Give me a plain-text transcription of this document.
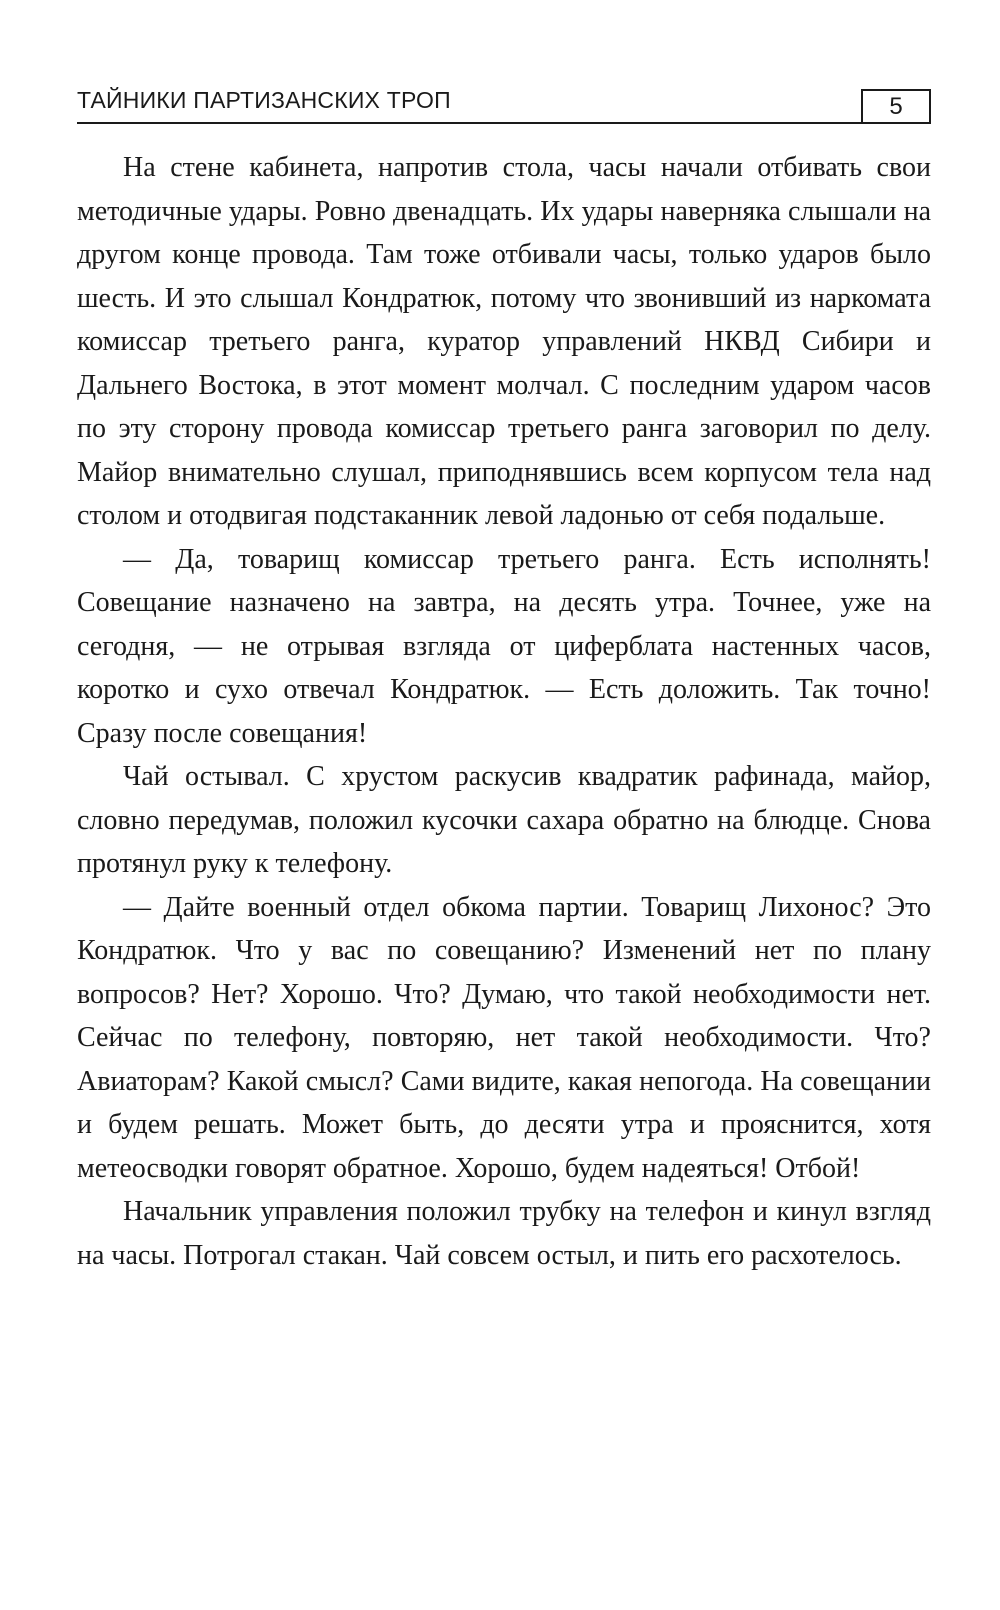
ТАЙНИКИ ПАРТИЗАНСКИХ ТРОП	5

На стене кабинета, напротив стола, часы начали отбивать свои методичные удары. Ровно двенадцать. Их удары наверняка слышали на другом конце провода. Там тоже отбивали часы, только ударов было шесть. И это слышал Кондратюк, потому что звонивший из наркомата комиссар третьего ранга, куратор управлений НКВД Сибири и Дальнего Востока, в этот момент молчал. С последним ударом часов по эту сторону провода комиссар третьего ранга заговорил по делу. Майор внимательно слушал, приподнявшись всем корпусом тела над столом и отодвигая подстаканник левой ладонью от себя подальше.

— Да, товарищ комиссар третьего ранга. Есть исполнять! Совещание назначено на завтра, на десять утра. Точнее, уже на сегодня, — не отрывая взгляда от циферблата настенных часов, коротко и сухо отвечал Кондратюк. — Есть доложить. Так точно! Сразу после совещания!

Чай остывал. С хрустом раскусив квадратик рафинада, майор, словно передумав, положил кусочки сахара обратно на блюдце. Снова протянул руку к телефону.

— Дайте военный отдел обкома партии. Товарищ Лихонос? Это Кондратюк. Что у вас по совещанию? Изменений нет по плану вопросов? Нет? Хорошо. Что? Думаю, что такой необходимости нет. Сейчас по телефону, повторяю, нет такой необходимости. Что? Авиаторам? Какой смысл? Сами видите, какая непогода. На совещании и будем решать. Может быть, до десяти утра и прояснится, хотя метеосводки говорят обратное. Хорошо, будем надеяться! Отбой!

Начальник управления положил трубку на телефон и кинул взгляд на часы. Потрогал стакан. Чай совсем остыл, и пить его расхотелось.
